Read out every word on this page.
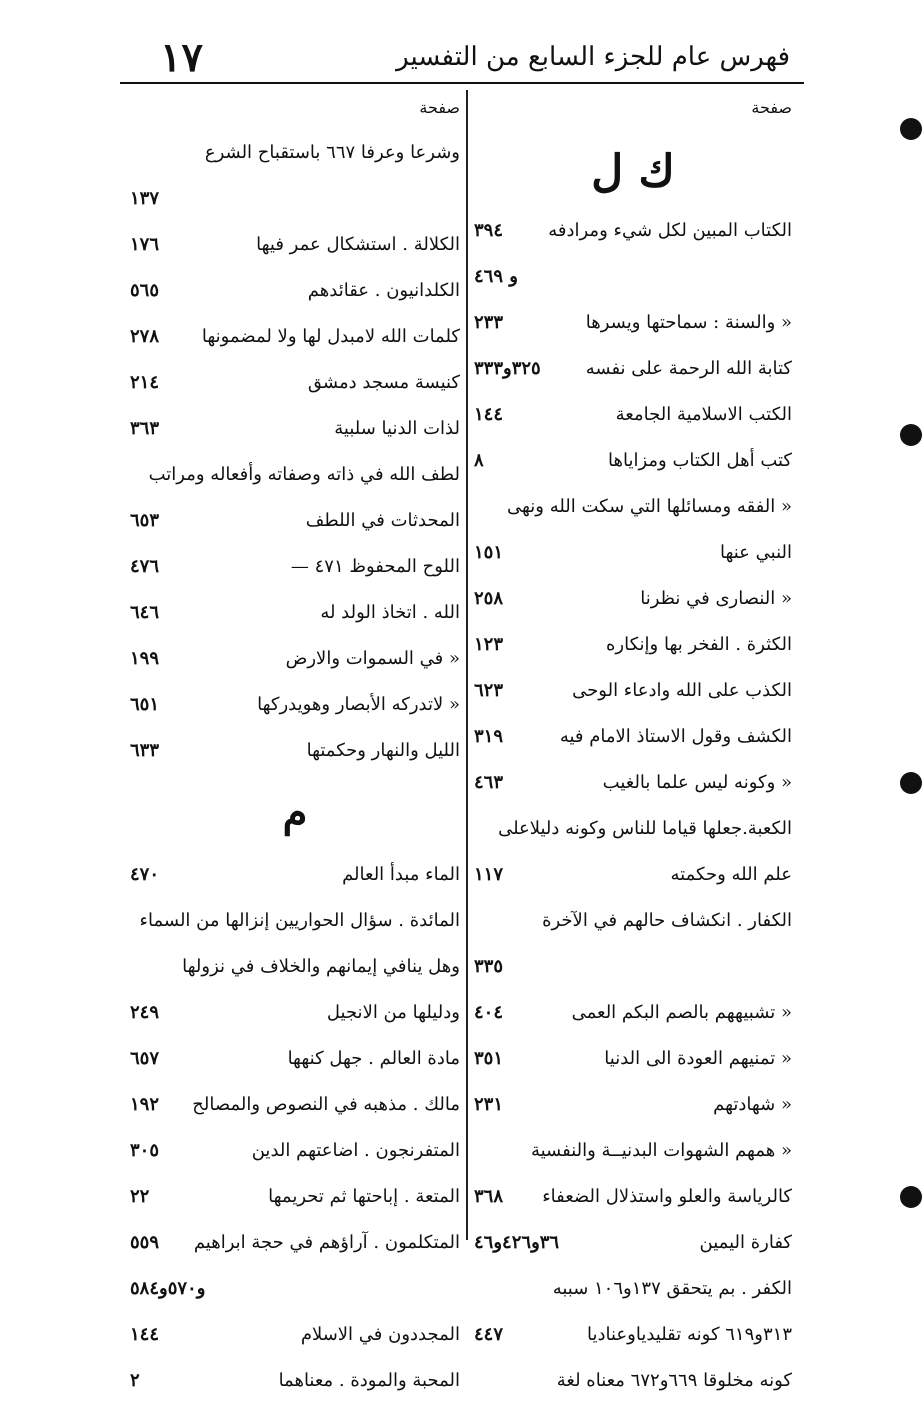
١٧	فهرس عام للجزء السابع من التفسير
صفحة
ك ل
الكتاب المبين لكل شيء ومرادفه
٣٩٤
و ٤٦٩
« والسنة : سماحتها ويسرها
٢٣٣
كتابة الله الرحمة على نفسه
٣٢٥و٣٣٣
الكتب الاسلامية الجامعة
١٤٤
كتب أهل الكتاب ومزاياها
٨
« الفقه ومسائلها التي سكت الله ونهى
النبي عنها
١٥١
« النصارى في نظرنا
٢٥٨
الكثرة . الفخر بها وإنكاره
١٢٣
الكذب على الله وادعاء الوحى
٦٢٣
الكشف وقول الاستاذ الامام فيه
٣١٩
« وكونه ليس علما بالغيب
٤٦٣
الكعبة.جعلها قياما للناس وكونه دليلاعلى
علم الله وحكمته
١١٧
الكفار . انكشاف حالهم في الآخرة
٣٣٥
« تشبيههم بالصم البكم العمى
٤٠٤
« تمنيهم العودة الى الدنيا
٣٥١
« شهادتهم
٢٣١
« همهم الشهوات البدنيــة والنفسية
كالرياسة والعلو واستذلال الضعفاء
٣٦٨
كفارة اليمين
٣٦و٤٢٦و٤٦
الكفر . بم يتحقق ١٣٧و١٠٦ سببه
٣١٣و٦١٩ كونه تقليدياوعناديا
٤٤٧
كونه مخلوقا ٦٦٩و٦٧٢ معناه لغة
صفحة
وشرعا وعرفا ٦٦٧ باستقباح الشرع
١٣٧
الكلالة . استشكال عمر فيها
١٧٦
الكلدانيون . عقائدهم
٥٦٥
كلمات الله لامبدل لها ولا لمضمونها
٢٧٨
كنيسة مسجد دمشق
٢١٤
لذات الدنيا سلبية
٣٦٣
لطف الله في ذاته وصفاته وأفعاله ومراتب
المحدثات في اللطف
٦٥٣
اللوح المحفوظ ٤٧١ —
٤٧٦
الله . اتخاذ الولد له
٦٤٦
« في السموات والارض
١٩٩
« لاتدركه الأبصار وهويدركها
٦٥١
الليل والنهار وحكمتها
٦٣٣
م
الماء مبدأ العالم
٤٧٠
المائدة . سؤال الحواريين إنزالها من السماء
وهل ينافي إيمانهم والخلاف في نزولها
ودليلها من الانجيل
٢٤٩
مادة العالم . جهل كنهها
٦٥٧
مالك . مذهبه في النصوص والمصالح
١٩٢
المتفرنجون . اضاعتهم الدين
٣٠٥
المتعة . إباحتها ثم تحريمها
٢٢
المتكلمون . آراؤهم في حجة ابراهيم
٥٥٩
و٥٧٠و٥٨٤
المجددون في الاسلام
١٤٤
المحبة والمودة . معناهما
٢
